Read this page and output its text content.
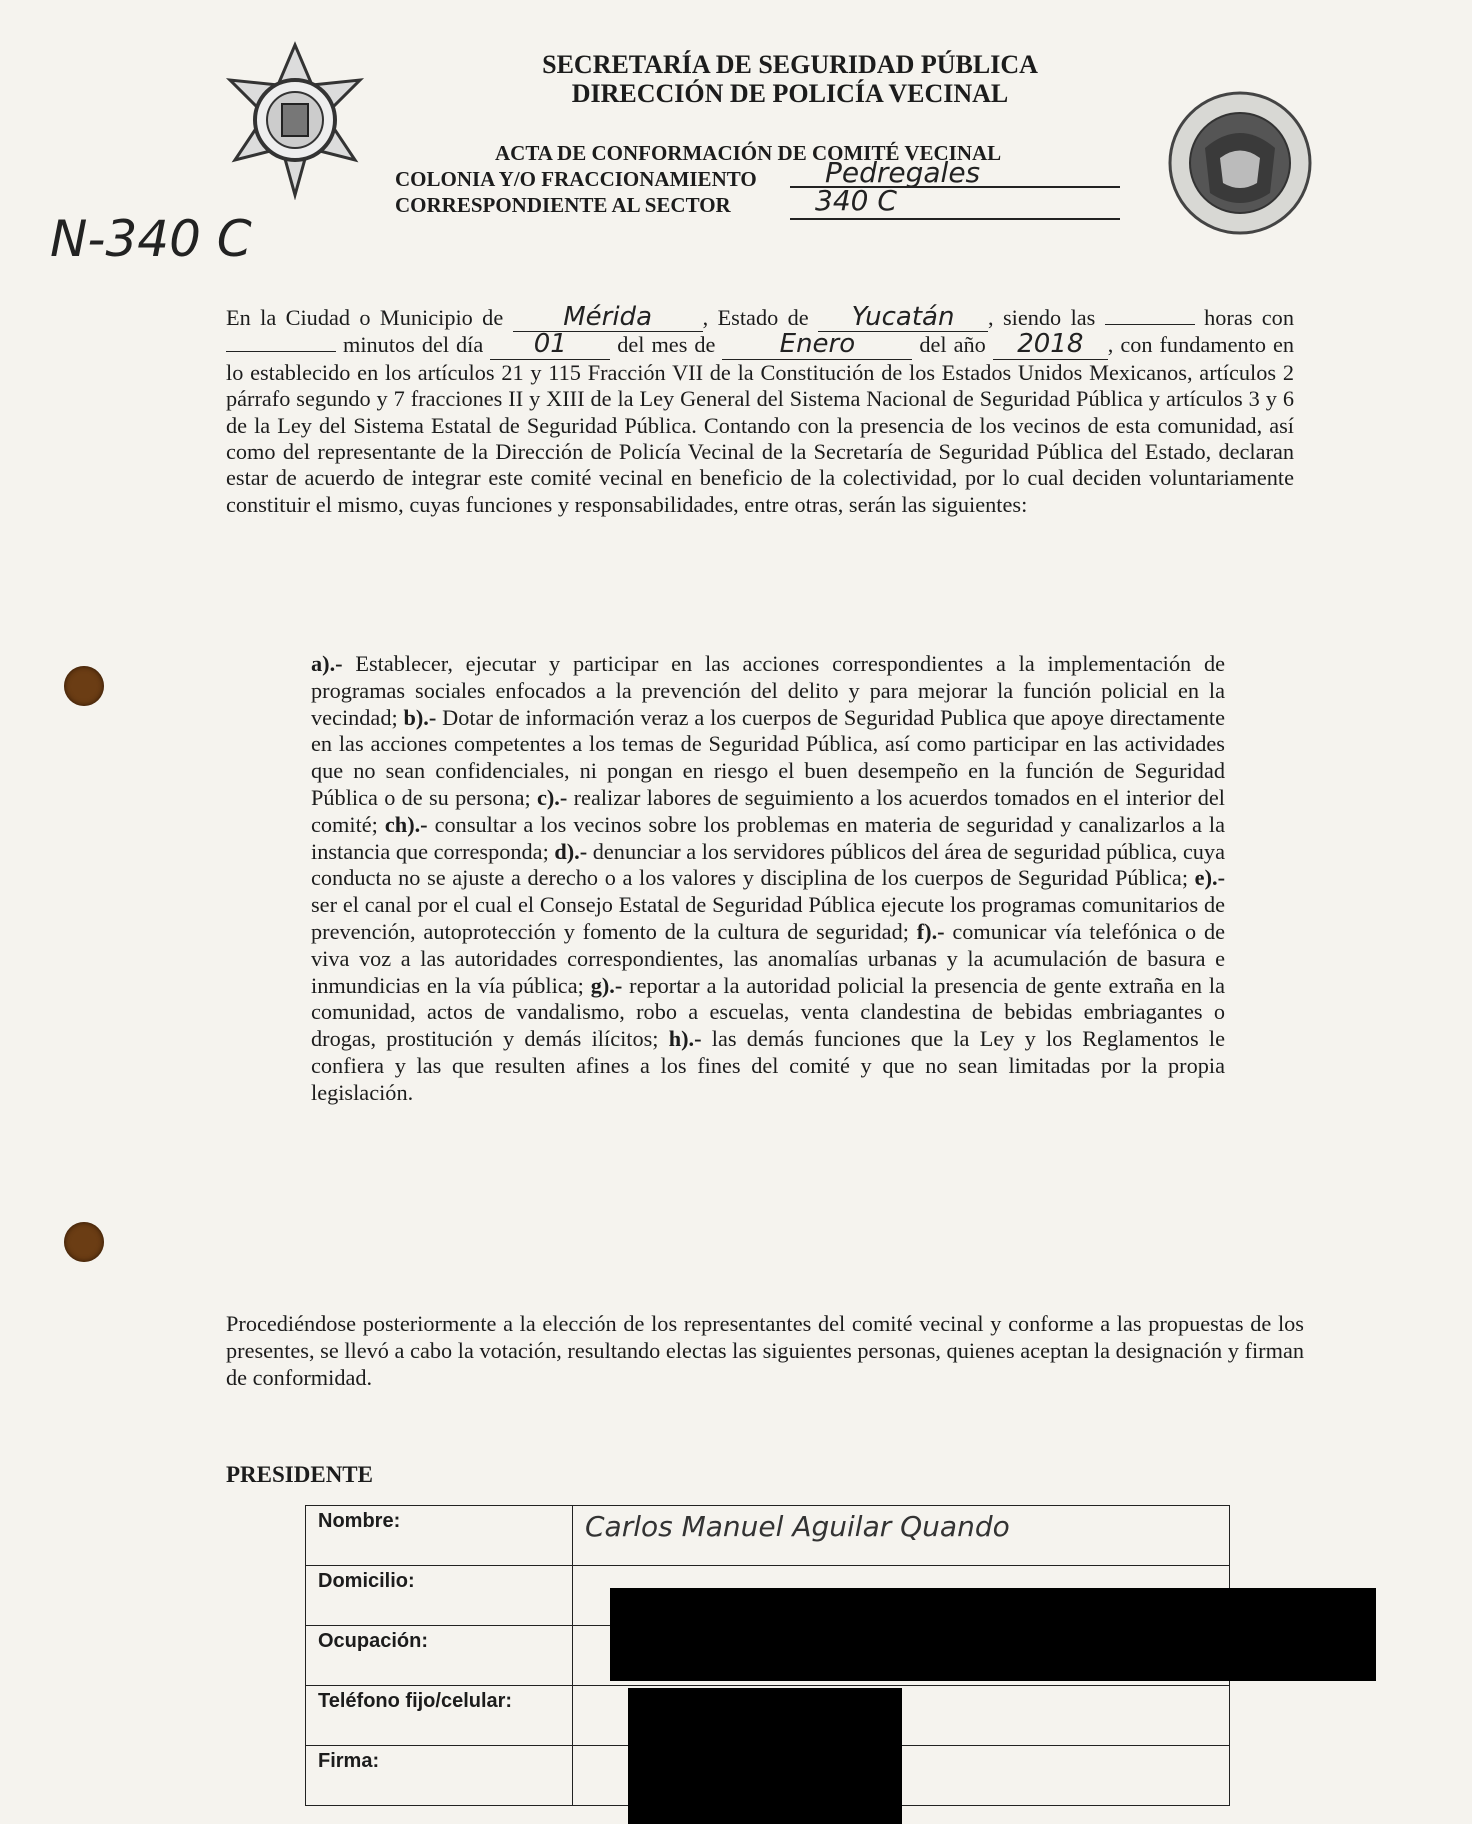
SECRETARÍA DE SEGURIDAD PÚBLICA
DIRECCIÓN DE POLICÍA VECINAL
ACTA DE CONFORMACIÓN DE COMITÉ VECINAL
COLONIA Y/O FRACCIONAMIENTO Pedregales
CORRESPONDIENTE AL SECTOR	340 C
N-340 C
En la Ciudad o Municipio de Mérida , Estado de Yucatán , siendo las	horas con  minutos del día 01 del mes de Enero	del año 2018 , con fundamento en lo establecido en los artículos 21 y 115 Fracción VII de la Constitución de los Estados Unidos Mexicanos, artículos 2 párrafo segundo y 7 fracciones II y XIII de la Ley General del Sistema Nacional de Seguridad Pública y artículos 3 y 6 de la Ley del Sistema Estatal de Seguridad Pública. Contando con la presencia de los vecinos de esta comunidad, así como del representante de la Dirección de Policía Vecinal de la Secretaría de Seguridad Pública del Estado, declaran estar de acuerdo de integrar este comité vecinal en beneficio de la colectividad, por lo cual deciden voluntariamente constituir el mismo, cuyas funciones y responsabilidades, entre otras, serán las siguientes:
a).- Establecer, ejecutar y participar en las acciones correspondientes a la implementación de programas sociales enfocados a la prevención del delito y para mejorar la función policial en la vecindad; b).- Dotar de información veraz a los cuerpos de Seguridad Publica que apoye directamente en las acciones competentes a los temas de Seguridad Pública, así como participar en las actividades que no sean confidenciales, ni pongan en riesgo el buen desempeño en la función de Seguridad Pública o de su persona; c).- realizar labores de seguimiento a los acuerdos tomados en el interior del comité; ch).- consultar a los vecinos sobre los problemas en materia de seguridad y canalizarlos a la instancia que corresponda; d).- denunciar a los servidores públicos del área de seguridad pública, cuya conducta no se ajuste a derecho o a los valores y disciplina de los cuerpos de Seguridad Pública; e).- ser el canal por el cual el Consejo Estatal de Seguridad Pública ejecute los programas comunitarios de prevención, autoprotección y fomento de la cultura de seguridad; f).- comunicar vía telefónica o de viva voz a las autoridades correspondientes, las anomalías urbanas y la acumulación de basura e inmundicias en la vía pública; g).- reportar a la autoridad policial la presencia de gente extraña en la comunidad, actos de vandalismo, robo a escuelas, venta clandestina de bebidas embriagantes o drogas, prostitución y demás ilícitos; h).- las demás funciones que la Ley y los Reglamentos le confiera y las que resulten afines a los fines del comité y que no sean limitadas por la propia legislación.
Procediéndose posteriormente a la elección de los representantes del comité vecinal y conforme a las propuestas de los presentes, se llevó a cabo la votación, resultando electas las siguientes personas, quienes aceptan la designación y firman de conformidad.
PRESIDENTE
Nombre:	Carlos Manuel Aguilar Quando
Domicilio:	
Ocupación:	
Teléfono fijo/celular:	
Firma:	
